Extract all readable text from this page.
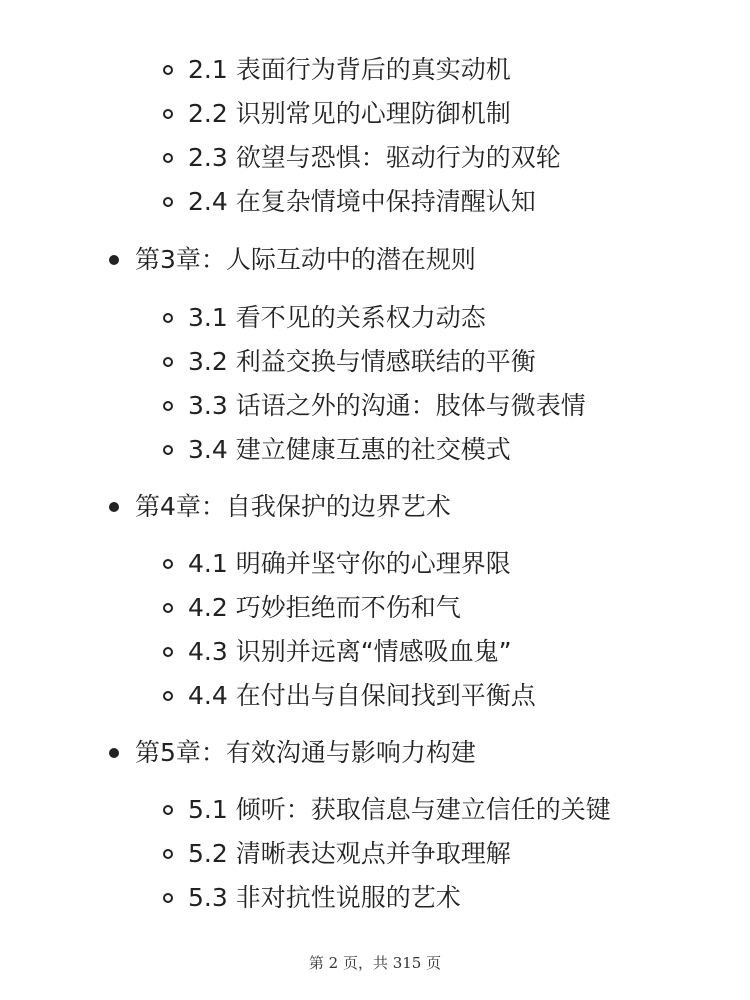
2.1 表面行为背后的真实动机
2.2 识别常见的心理防御机制
2.3 欲望与恐惧：驱动行为的双轮
2.4 在复杂情境中保持清醒认知
第3章：人际互动中的潜在规则
3.1 看不见的关系权力动态
3.2 利益交换与情感联结的平衡
3.3 话语之外的沟通：肢体与微表情
3.4 建立健康互惠的社交模式
第4章：自我保护的边界艺术
4.1 明确并坚守你的心理界限
4.2 巧妙拒绝而不伤和气
4.3 识别并远离“情感吸血鬼”
4.4 在付出与自保间找到平衡点
第5章：有效沟通与影响力构建
5.1 倾听：获取信息与建立信任的关键
5.2 清晰表达观点并争取理解
5.3 非对抗性说服的艺术
第 2 页，共 315 页
